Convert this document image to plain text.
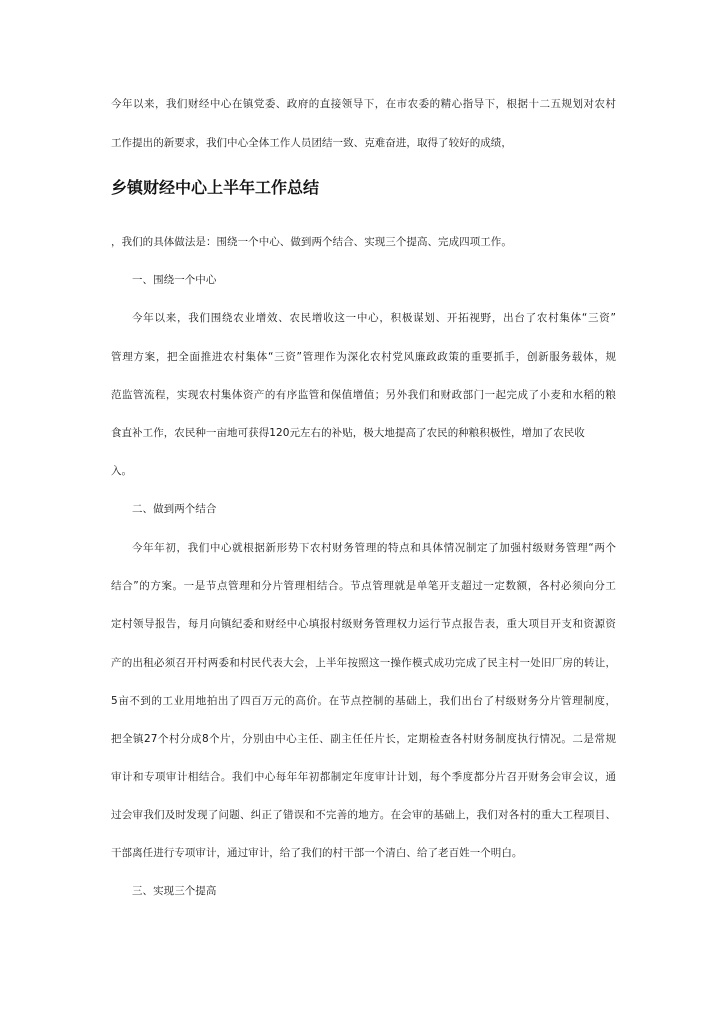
今年以来，我们财经中心在镇党委、政府的直接领导下，在市农委的精心指导下，根据十二五规划对农村
工作提出的新要求，我们中心全体工作人员团结一致、克难奋进，取得了较好的成绩，
乡镇财经中心上半年工作总结
，我们的具体做法是：围绕一个中心、做到两个结合、实现三个提高、完成四项工作。
一、围绕一个中心
今年以来，我们围绕农业增效、农民增收这一中心，积极谋划、开拓视野，出台了农村集体“三资”
管理方案，把全面推进农村集体“三资”管理作为深化农村党风廉政政策的重要抓手，创新服务载体，规
范监管流程，实现农村集体资产的有序监管和保值增值；另外我们和财政部门一起完成了小麦和水稻的粮
食直补工作，农民种一亩地可获得120元左右的补贴，极大地提高了农民的种粮积极性，增加了农民收
入。
二、做到两个结合
今年年初，我们中心就根据新形势下农村财务管理的特点和具体情况制定了加强村级财务管理“两个
结合”的方案。一是节点管理和分片管理相结合。节点管理就是单笔开支超过一定数额，各村必须向分工
定村领导报告，每月向镇纪委和财经中心填报村级财务管理权力运行节点报告表，重大项目开支和资源资
产的出租必须召开村两委和村民代表大会，上半年按照这一操作模式成功完成了民主村一处旧厂房的转让，
5亩不到的工业用地拍出了四百万元的高价。在节点控制的基础上，我们出台了村级财务分片管理制度，
把全镇27个村分成8个片，分别由中心主任、副主任任片长，定期检查各村财务制度执行情况。二是常规
审计和专项审计相结合。我们中心每年年初都制定年度审计计划，每个季度都分片召开财务会审会议，通
过会审我们及时发现了问题、纠正了错误和不完善的地方。在会审的基础上，我们对各村的重大工程项目、
干部离任进行专项审计，通过审计，给了我们的村干部一个清白、给了老百姓一个明白。
三、实现三个提高
